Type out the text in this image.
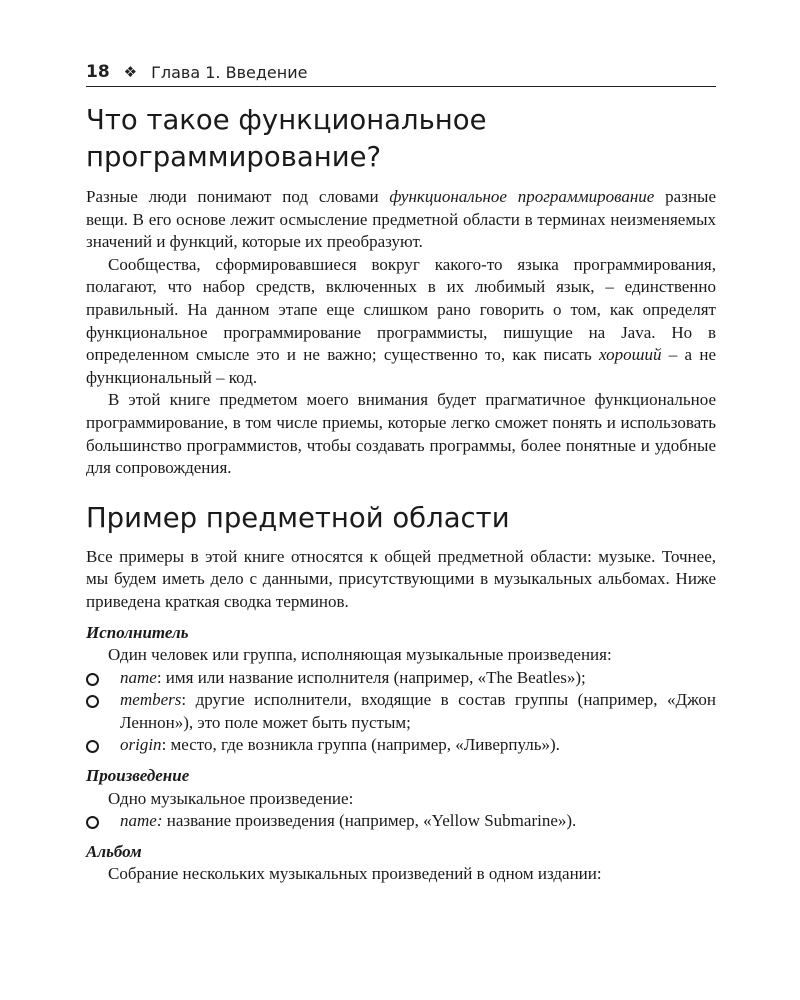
18 ❖ Глава 1. Введение
Что такое функциональное программирование?

Разные люди понимают под словами функциональное программирование разные вещи. В его основе лежит осмысление предметной области в терминах неизменяемых значений и функций, которые их преобразуют.

Сообщества, сформировавшиеся вокруг какого-то языка программирования, полагают, что набор средств, включенных в их любимый язык, – единственно правильный. На данном этапе еще слишком рано говорить о том, как определят функциональное программирование программисты, пишущие на Java. Но в определенном смысле это и не важно; существенно то, как писать хороший – а не функциональный – код.

В этой книге предметом моего внимания будет прагматичное функциональное программирование, в том числе приемы, которые легко сможет понять и использовать большинство программистов, чтобы создавать программы, более понятные и удобные для сопровождения.

Пример предметной области

Все примеры в этой книге относятся к общей предметной области: музыке. Точнее, мы будем иметь дело с данными, присутствующими в музыкальных альбомах. Ниже приведена краткая сводка терминов.

Исполнитель

Один человек или группа, исполняющая музыкальные произведения:

name: имя или название исполнителя (например, «The Beatles»);
members: другие исполнители, входящие в состав группы (например, «Джон Леннон»), это поле может быть пустым;
origin: место, где возникла группа (например, «Ливерпуль»).
Произведение

Одно музыкальное произведение:

name: название произведения (например, «Yellow Submarine»).
Альбом

Собрание нескольких музыкальных произведений в одном издании:
